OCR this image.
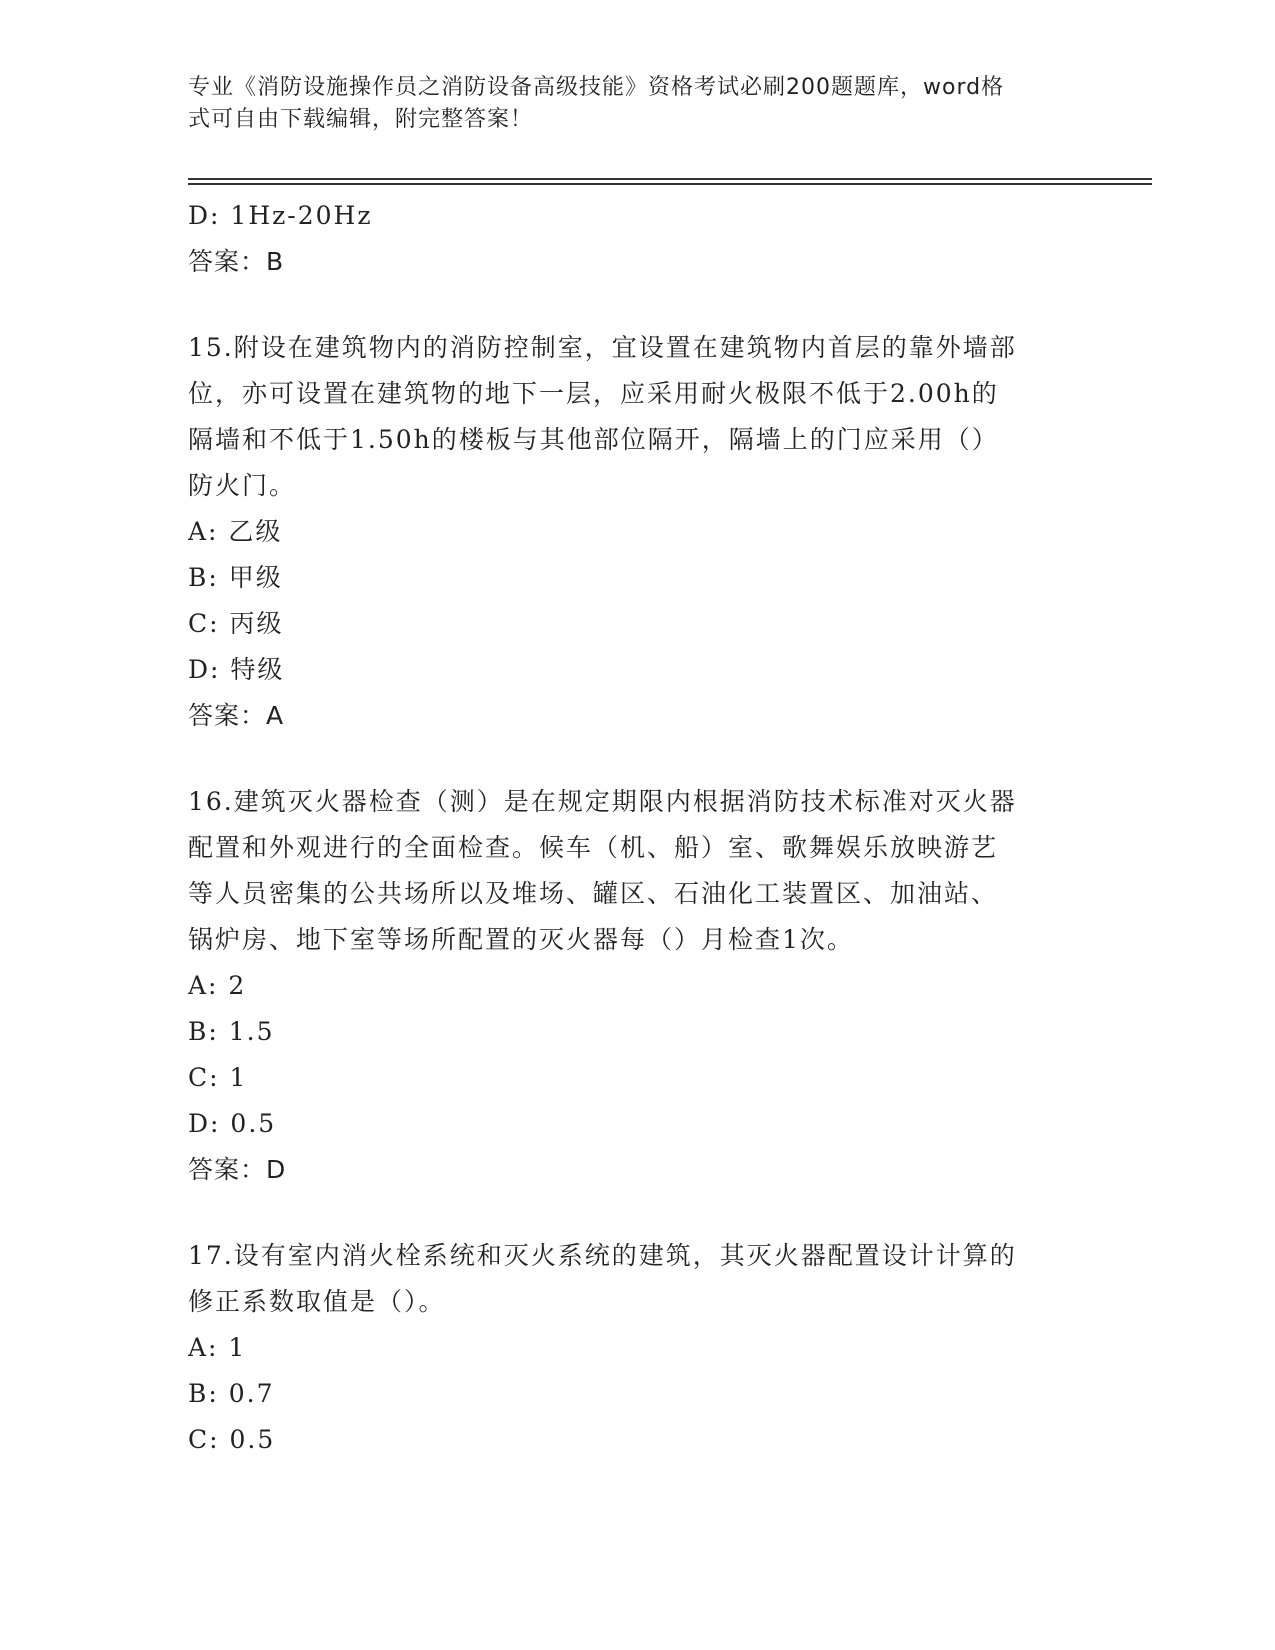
专业《消防设施操作员之消防设备高级技能》资格考试必刷200题题库，word格
式可自由下载编辑，附完整答案！
D: 1Hz-20Hz
答案：B
15.附设在建筑物内的消防控制室，宜设置在建筑物内首层的靠外墙部
位，亦可设置在建筑物的地下一层，应采用耐火极限不低于2.00h的
隔墙和不低于1.50h的楼板与其他部位隔开，隔墙上的门应采用（）
防火门。
A: 乙级
B: 甲级
C: 丙级
D: 特级
答案：A
16.建筑灭火器检查（测）是在规定期限内根据消防技术标准对灭火器
配置和外观进行的全面检查。候车（机、船）室、歌舞娱乐放映游艺
等人员密集的公共场所以及堆场、罐区、石油化工装置区、加油站、
锅炉房、地下室等场所配置的灭火器每（）月检查1次。
A: 2
B: 1.5
C: 1
D: 0.5
答案：D
17.设有室内消火栓系统和灭火系统的建筑，其灭火器配置设计计算的
修正系数取值是（）。
A: 1
B: 0.7
C: 0.5
